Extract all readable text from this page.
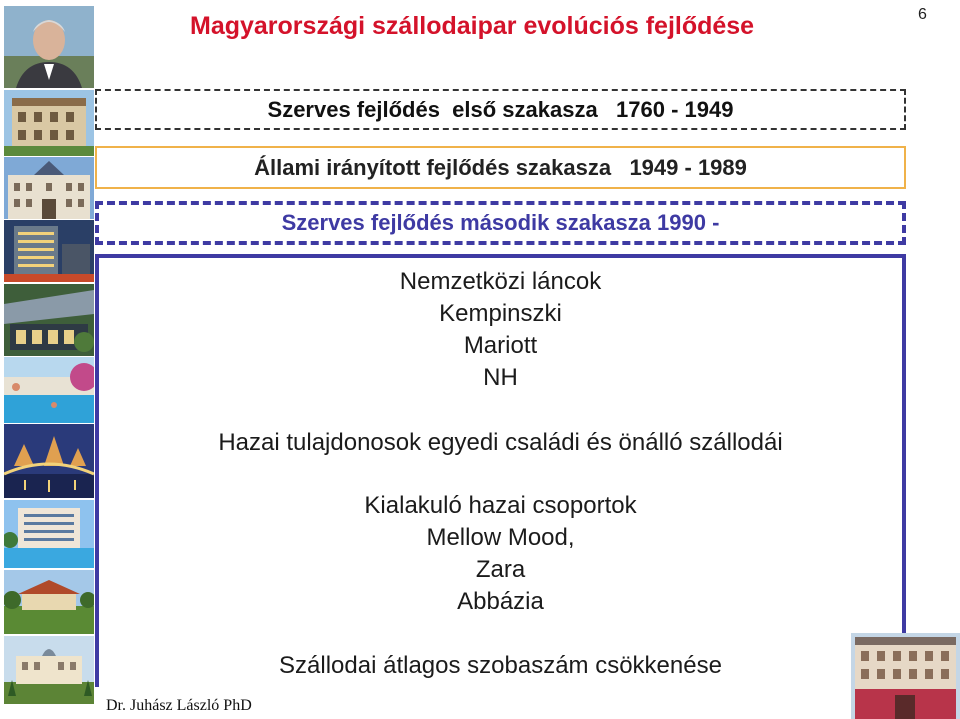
Magyarországi szállodaipar evolúciós fejlődése	6
Szerves fejlődés  első szakasza   1760 - 1949
Állami irányított fejlődés szakasza   1949 - 1989
Szerves fejlődés második szakasza 1990 -
Nemzetközi láncok
Kempinszki
Mariott
NH
Hazai tulajdonosok egyedi családi és önálló szállodái
Kialakuló hazai csoportok
Mellow Mood,
Zara
Abbázia
Szállodai átlagos szobaszám csökkenése
Dr. Juhász László PhD
